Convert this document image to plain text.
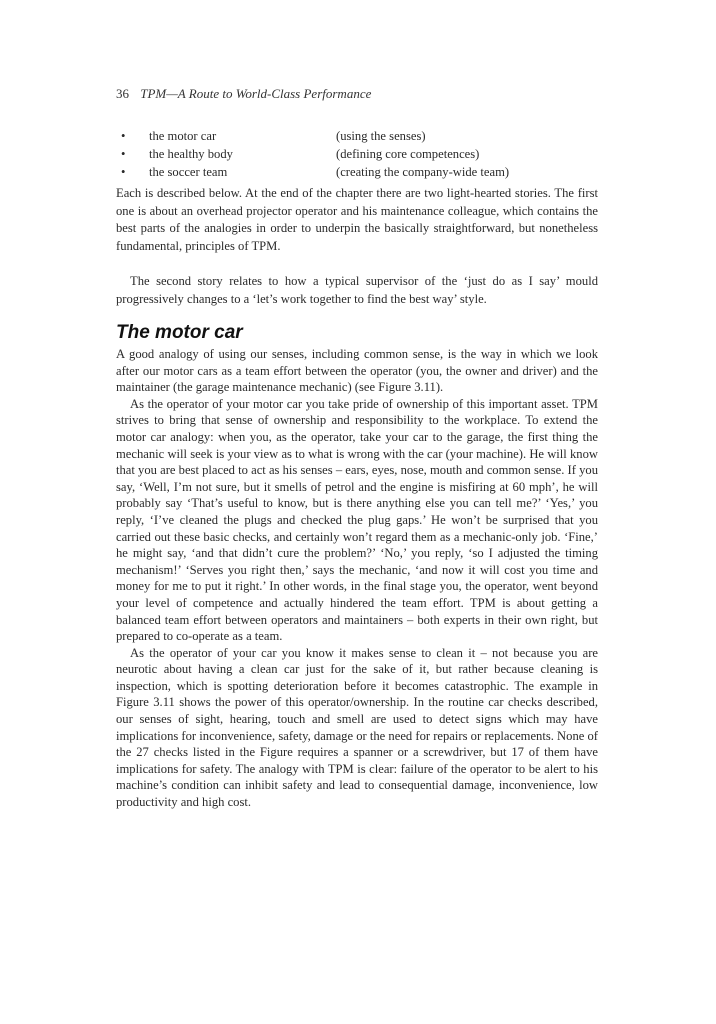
36 TPM—A Route to World-Class Performance
•	the motor car	(using the senses)
•	the healthy body	(defining core competences)
•	the soccer team	(creating the company-wide team)

Each is described below. At the end of the chapter there are two light-hearted stories. The first one is about an overhead projector operator and his maintenance colleague, which contains the best parts of the analogies in order to underpin the basically straightforward, but nonetheless fundamental, principles of TPM.

The second story relates to how a typical supervisor of the ‘just do as I say’ mould progressively changes to a ‘let’s work together to find the best way’ style.

The motor car

A good analogy of using our senses, including common sense, is the way in which we look after our motor cars as a team effort between the operator (you, the owner and driver) and the maintainer (the garage maintenance mechanic) (see Figure 3.11).

As the operator of your motor car you take pride of ownership of this important asset. TPM strives to bring that sense of ownership and responsibility to the workplace. To extend the motor car analogy: when you, as the operator, take your car to the garage, the first thing the mechanic will seek is your view as to what is wrong with the car (your machine). He will know that you are best placed to act as his senses – ears, eyes, nose, mouth and common sense. If you say, ‘Well, I’m not sure, but it smells of petrol and the engine is misfiring at 60 mph’, he will probably say ‘That’s useful to know, but is there anything else you can tell me?’ ‘Yes,’ you reply, ‘I’ve cleaned the plugs and checked the plug gaps.’ He won’t be surprised that you carried out these basic checks, and certainly won’t regard them as a mechanic-only job. ‘Fine,’ he might say, ‘and that didn’t cure the problem?’ ‘No,’ you reply, ‘so I adjusted the timing mechanism!’ ‘Serves you right then,’ says the mechanic, ‘and now it will cost you time and money for me to put it right.’ In other words, in the final stage you, the operator, went beyond your level of competence and actually hindered the team effort. TPM is about getting a balanced team effort between operators and maintainers – both experts in their own right, but prepared to co-operate as a team.

As the operator of your car you know it makes sense to clean it – not because you are neurotic about having a clean car just for the sake of it, but rather because cleaning is inspection, which is spotting deterioration before it becomes catastrophic. The example in Figure 3.11 shows the power of this operator/ownership. In the routine car checks described, our senses of sight, hearing, touch and smell are used to detect signs which may have implications for inconvenience, safety, damage or the need for repairs or replacements. None of the 27 checks listed in the Figure requires a spanner or a screwdriver, but 17 of them have implications for safety. The analogy with TPM is clear: failure of the operator to be alert to his machine’s condition can inhibit safety and lead to consequential damage, inconvenience, low productivity and high cost.
